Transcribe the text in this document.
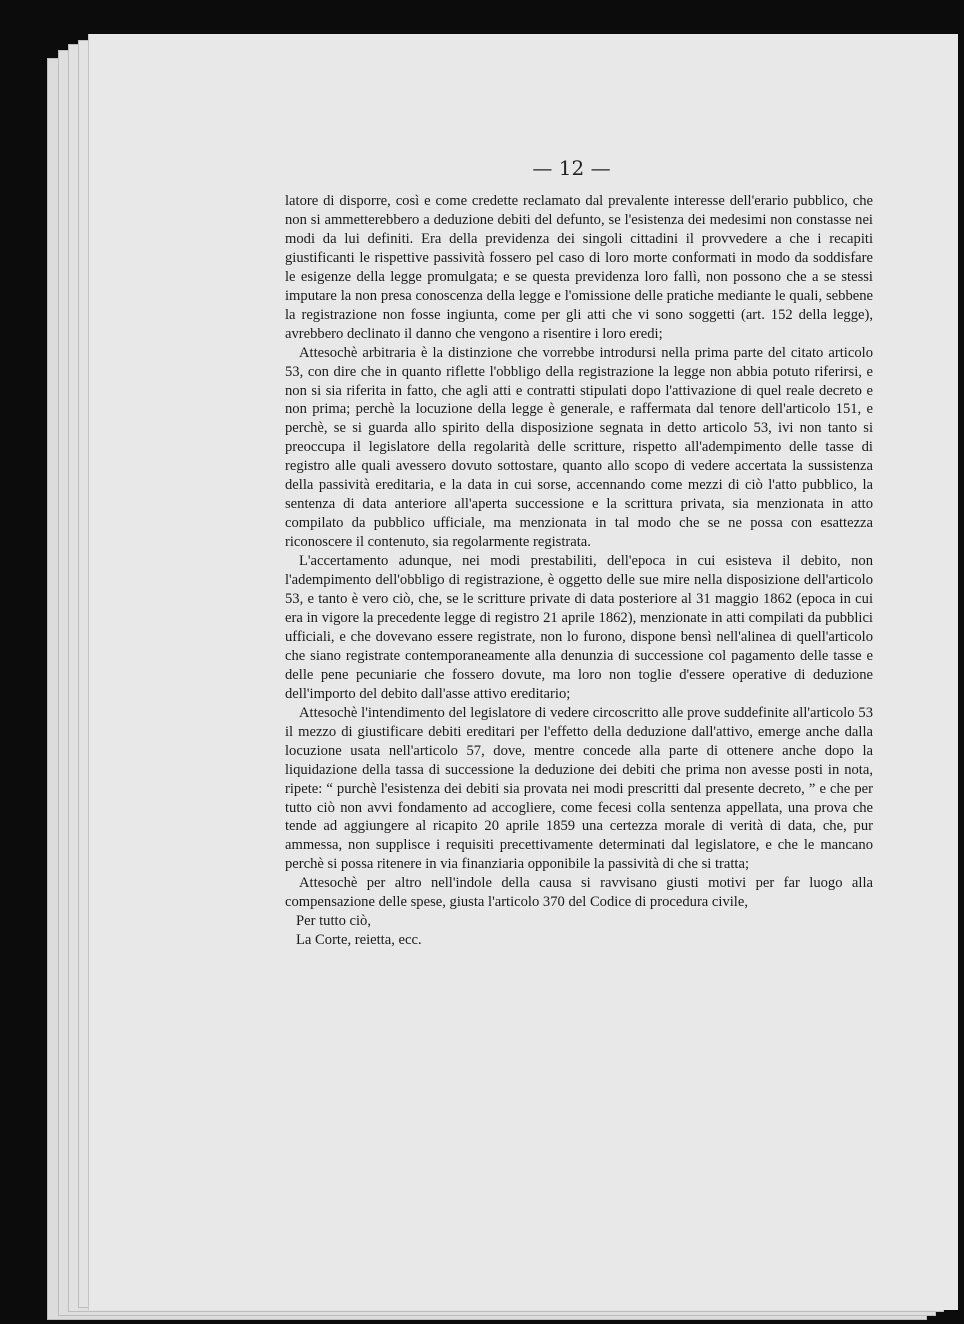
— 12 —

latore di disporre, così e come credette reclamato dal prevalente interesse dell'erario pubblico, che non si ammetterebbero a deduzione debiti del defunto, se l'esistenza dei medesimi non constasse nei modi da lui definiti. Era della previdenza dei singoli cittadini il provvedere a che i recapiti giustificanti le rispettive passività fossero pel caso di loro morte conformati in modo da soddisfare le esigenze della legge promulgata; e se questa previdenza loro fallì, non possono che a se stessi imputare la non presa conoscenza della legge e l'omissione delle pratiche mediante le quali, sebbene la registrazione non fosse ingiunta, come per gli atti che vi sono soggetti (art. 152 della legge), avrebbero declinato il danno che vengono a risentire i loro eredi;

Attesochè arbitraria è la distinzione che vorrebbe introdursi nella prima parte del citato articolo 53, con dire che in quanto riflette l'obbligo della registrazione la legge non abbia potuto riferirsi, e non si sia riferita in fatto, che agli atti e contratti stipulati dopo l'attivazione di quel reale decreto e non prima; perchè la locuzione della legge è generale, e raffermata dal tenore dell'articolo 151, e perchè, se si guarda allo spirito della disposizione segnata in detto articolo 53, ivi non tanto si preoccupa il legislatore della regolarità delle scritture, rispetto all'adempimento delle tasse di registro alle quali avessero dovuto sottostare, quanto allo scopo di vedere accertata la sussistenza della passività ereditaria, e la data in cui sorse, accennando come mezzi di ciò l'atto pubblico, la sentenza di data anteriore all'aperta successione e la scrittura privata, sia menzionata in atto compilato da pubblico ufficiale, ma menzionata in tal modo che se ne possa con esattezza riconoscere il contenuto, sia regolarmente registrata.

L'accertamento adunque, nei modi prestabiliti, dell'epoca in cui esisteva il debito, non l'adempimento dell'obbligo di registrazione, è oggetto delle sue mire nella disposizione dell'articolo 53, e tanto è vero ciò, che, se le scritture private di data posteriore al 31 maggio 1862 (epoca in cui era in vigore la precedente legge di registro 21 aprile 1862), menzionate in atti compilati da pubblici ufficiali, e che dovevano essere registrate, non lo furono, dispone bensì nell'alinea di quell'articolo che siano registrate contemporaneamente alla denunzia di successione col pagamento delle tasse e delle pene pecuniarie che fossero dovute, ma loro non toglie d'essere operative di deduzione dell'importo del debito dall'asse attivo ereditario;

Attesochè l'intendimento del legislatore di vedere circoscritto alle prove suddefinite all'articolo 53 il mezzo di giustificare debiti ereditari per l'effetto della deduzione dall'attivo, emerge anche dalla locuzione usata nell'articolo 57, dove, mentre concede alla parte di ottenere anche dopo la liquidazione della tassa di successione la deduzione dei debiti che prima non avesse posti in nota, ripete: “ purchè l'esistenza dei debiti sia provata nei modi prescritti dal presente decreto, ” e che per tutto ciò non avvi fondamento ad accogliere, come fecesi colla sentenza appellata, una prova che tende ad aggiungere al ricapito 20 aprile 1859 una certezza morale di verità di data, che, pur ammessa, non supplisce i requisiti precettivamente determinati dal legislatore, e che le mancano perchè si possa ritenere in via finanziaria opponibile la passività di che si tratta;

Attesochè per altro nell'indole della causa si ravvisano giusti motivi per far luogo alla compensazione delle spese, giusta l'articolo 370 del Codice di procedura civile,

Per tutto ciò,

La Corte, reietta, ecc.
